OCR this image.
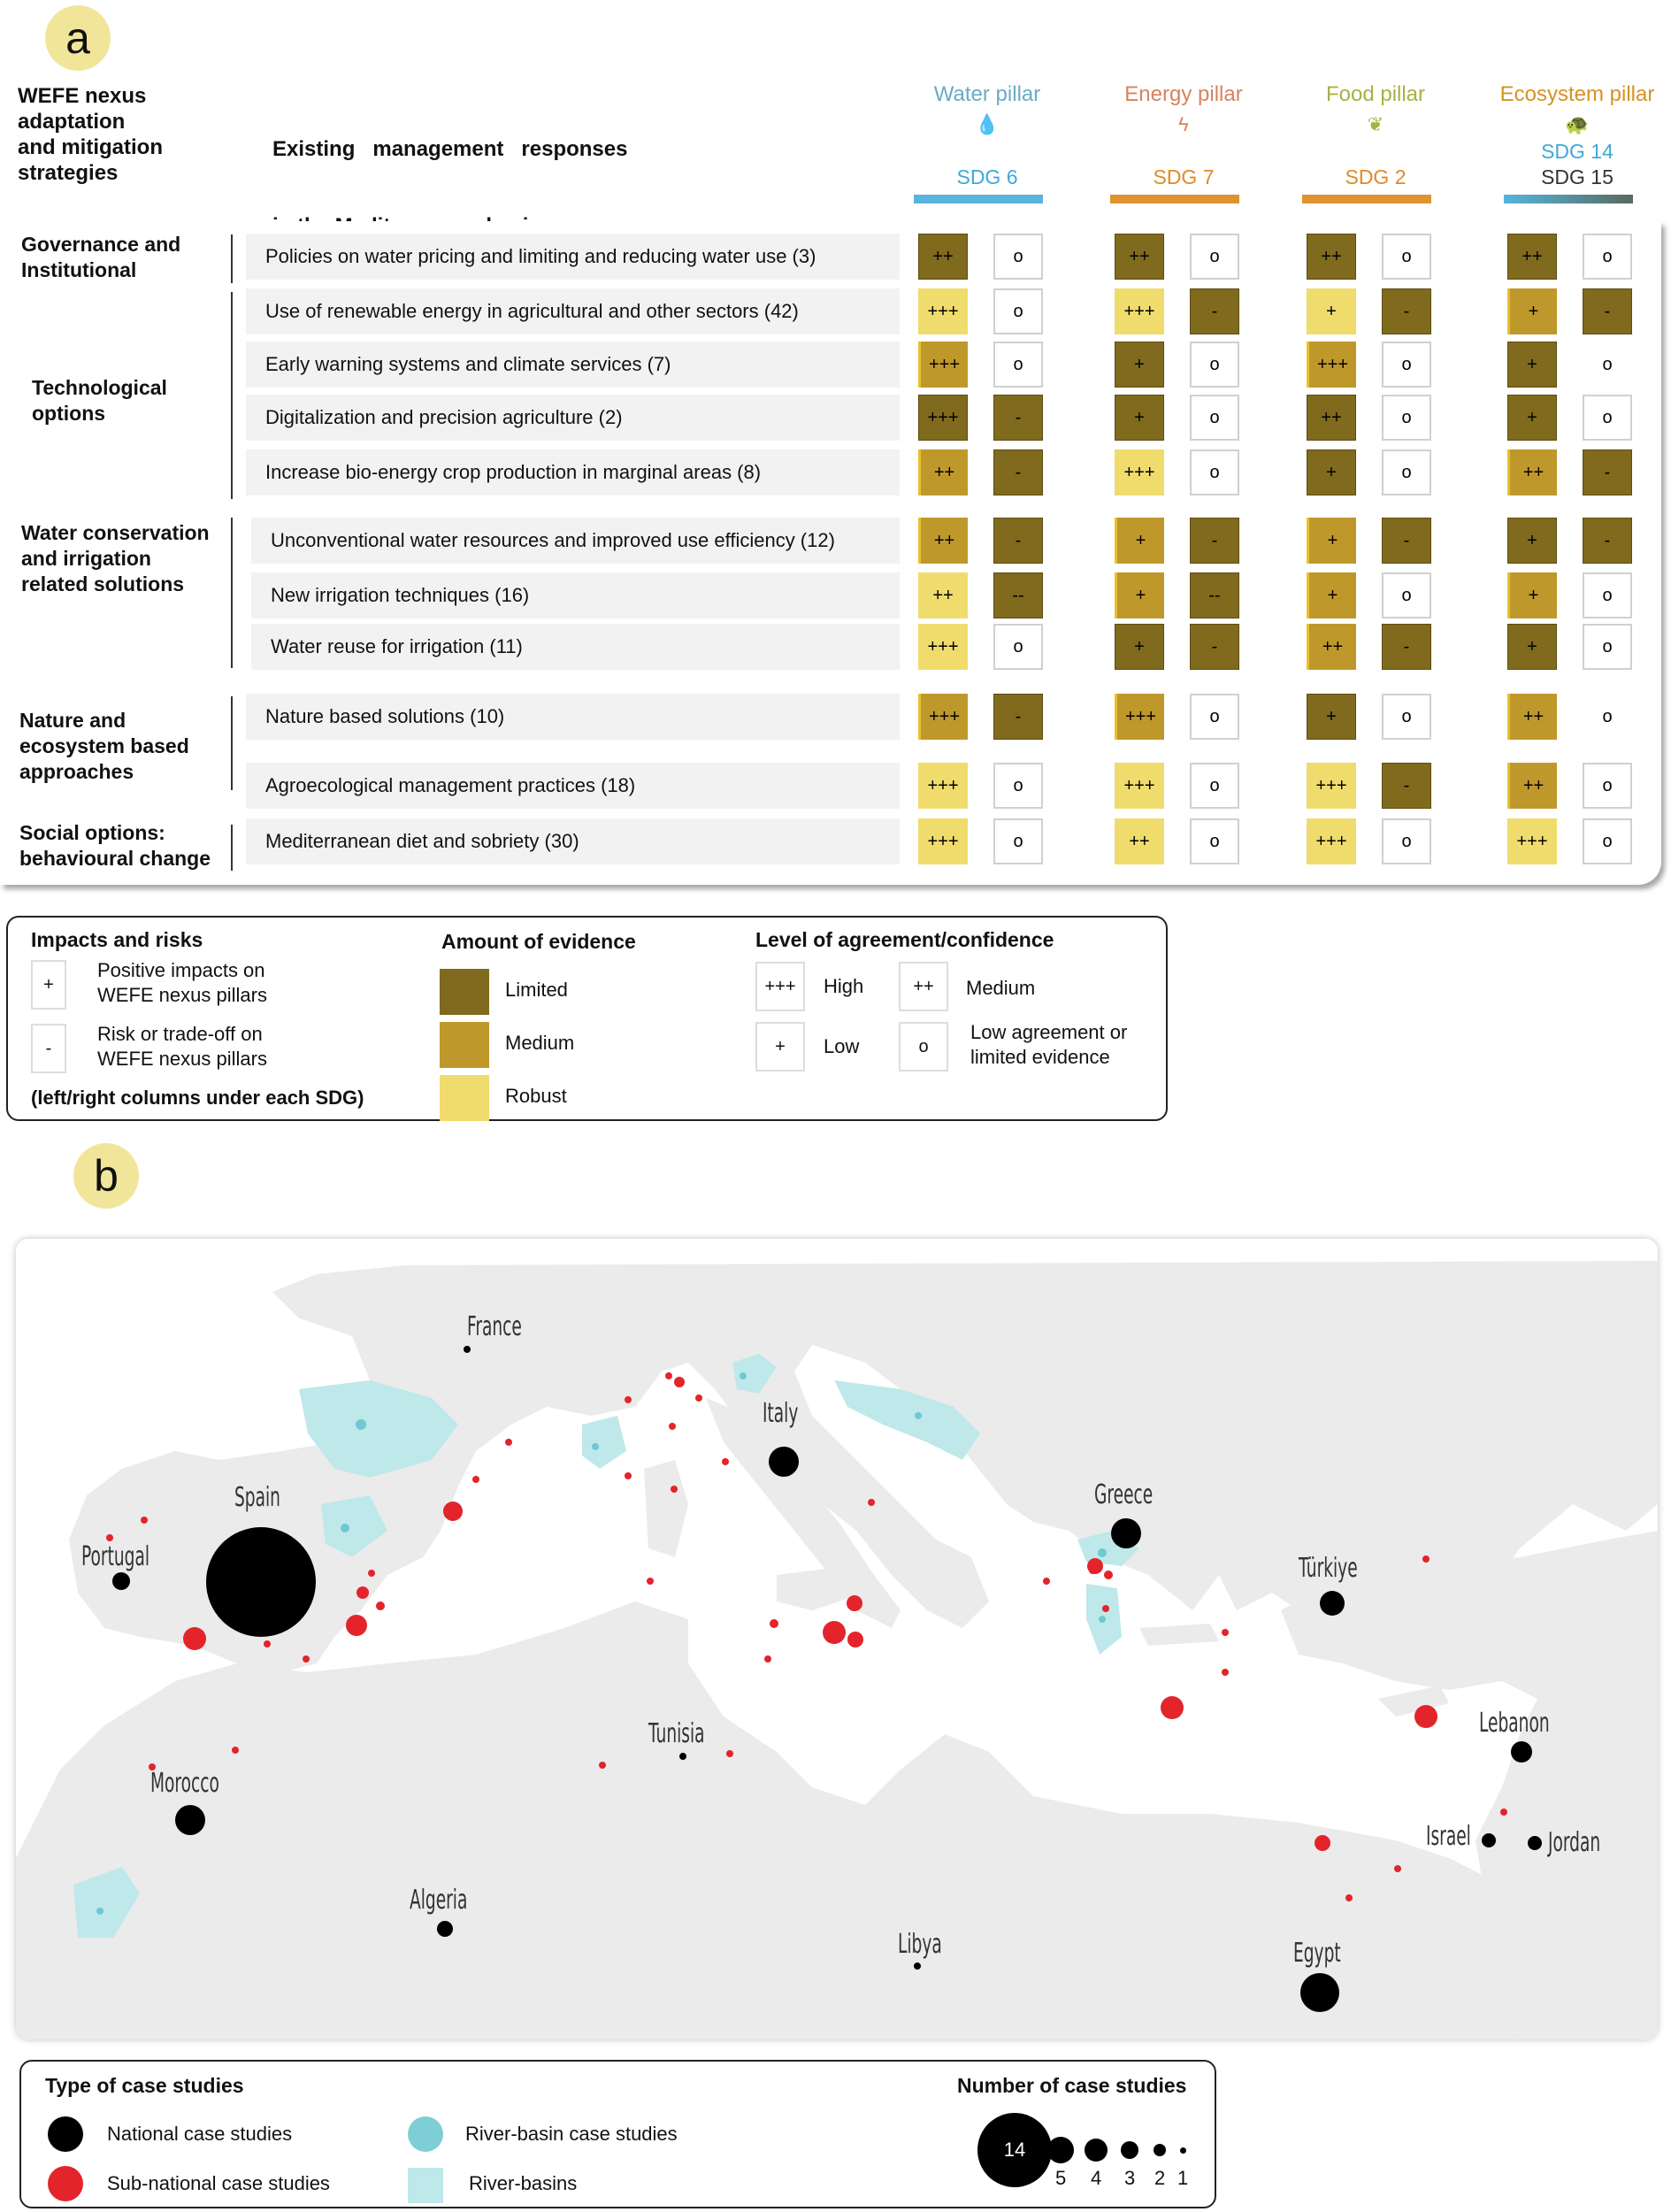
a
WEFE nexus
adaptation
and mitigation
strategies

Existing   management   responses

Water pillar
💧
SDG 6
Energy pillar
ϟ
SDG 7
Food pillar
❦
SDG 2
Ecosystem pillar
🐢
SDG 14
SDG 15
Governance and
Institutional
Technological
options
Water conservation
and irrigation
related solutions
Nature and
ecosystem based
approaches
Social options:
behavioural change
Policies on water pricing and limiting and reducing water use (3)	++	o	++	o	++	o	++	o
Use of renewable energy in agricultural and other sectors (42)	+++	o	+++	-	+	-	+	-
Early warning systems and climate services (7)	+++	o	+	o	+++	o	+	o
Digitalization and precision agriculture (2)	+++	-	+	o	++	o	+	o
Increase bio-energy crop production in marginal areas (8)	++	-	+++	o	+	o	++	-
Unconventional water resources and improved use efficiency (12)	++	-	+	-	+	-	+	-
New irrigation techniques (16)	++	--	+	--	+	o	+	o
Water reuse for irrigation (11)	+++	o	+	-	++	-	+	o
Nature based solutions (10)	+++	-	+++	o	+	o	++	o
Agroecological management practices (18)	+++	o	+++	o	+++	-	++	o
Mediterranean diet and sobriety (30)	+++	o	++	o	+++	o	+++	o
Impacts and risks
+
Positive impacts on
WEFE nexus pillars
-
Risk or trade-off on
WEFE nexus pillars
(left/right columns under each SDG)
Amount of evidence
Limited
Medium
Robust
Level of agreement/confidence
+++ High	++ Medium
+ Low	o
Low agreement or
limited evidence
b
France
Italy
Spain
Portugal
Greece
Türkiye
Tunisia	Lebanon
Morocco
Israel	Jordan
Algeria
Libya	Egypt
Type of case studies
National case studies
Sub-national case studies
River-basin case studies
River-basins
Number of case studies
14
5 4 3 2 1
